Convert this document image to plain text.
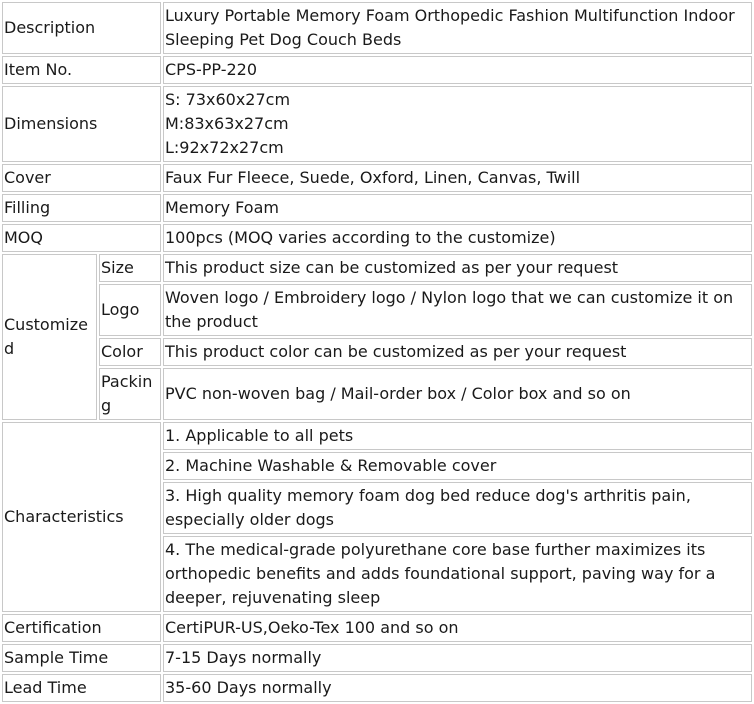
Description		Luxury Portable Memory Foam Orthopedic Fashion Multifunction Indoor Sleeping Pet Dog Couch Beds
Item No.		CPS-PP-220
Dimensions		S: 73x60x27cm
M:83x63x27cm
L:92x72x27cm

Cover		Faux Fur Fleece, Suede, Oxford, Linen, Canvas, Twill
Filling		Memory Foam
MOQ		100pcs (MOQ varies according to the customize)
Customized	Size	This product size can be customized as per your request
	Logo	Woven logo / Embroidery logo / Nylon logo that we can customize it on the product
	Color	This product color can be customized as per your request
	Packing	PVC non-woven bag / Mail-order box / Color box and so on
Characteristics		1. Applicable to all pets
		2. Machine Washable & Removable cover
		3. High quality memory foam dog bed reduce dog's arthritis pain, especially older dogs
		4. The medical-grade polyurethane core base further maximizes its orthopedic benefits and adds foundational support, paving way for a deeper, rejuvenating sleep
Certification		CertiPUR-US,Oeko-Tex 100 and so on
Sample Time		7-15 Days normally
Lead Time		35-60 Days normally
